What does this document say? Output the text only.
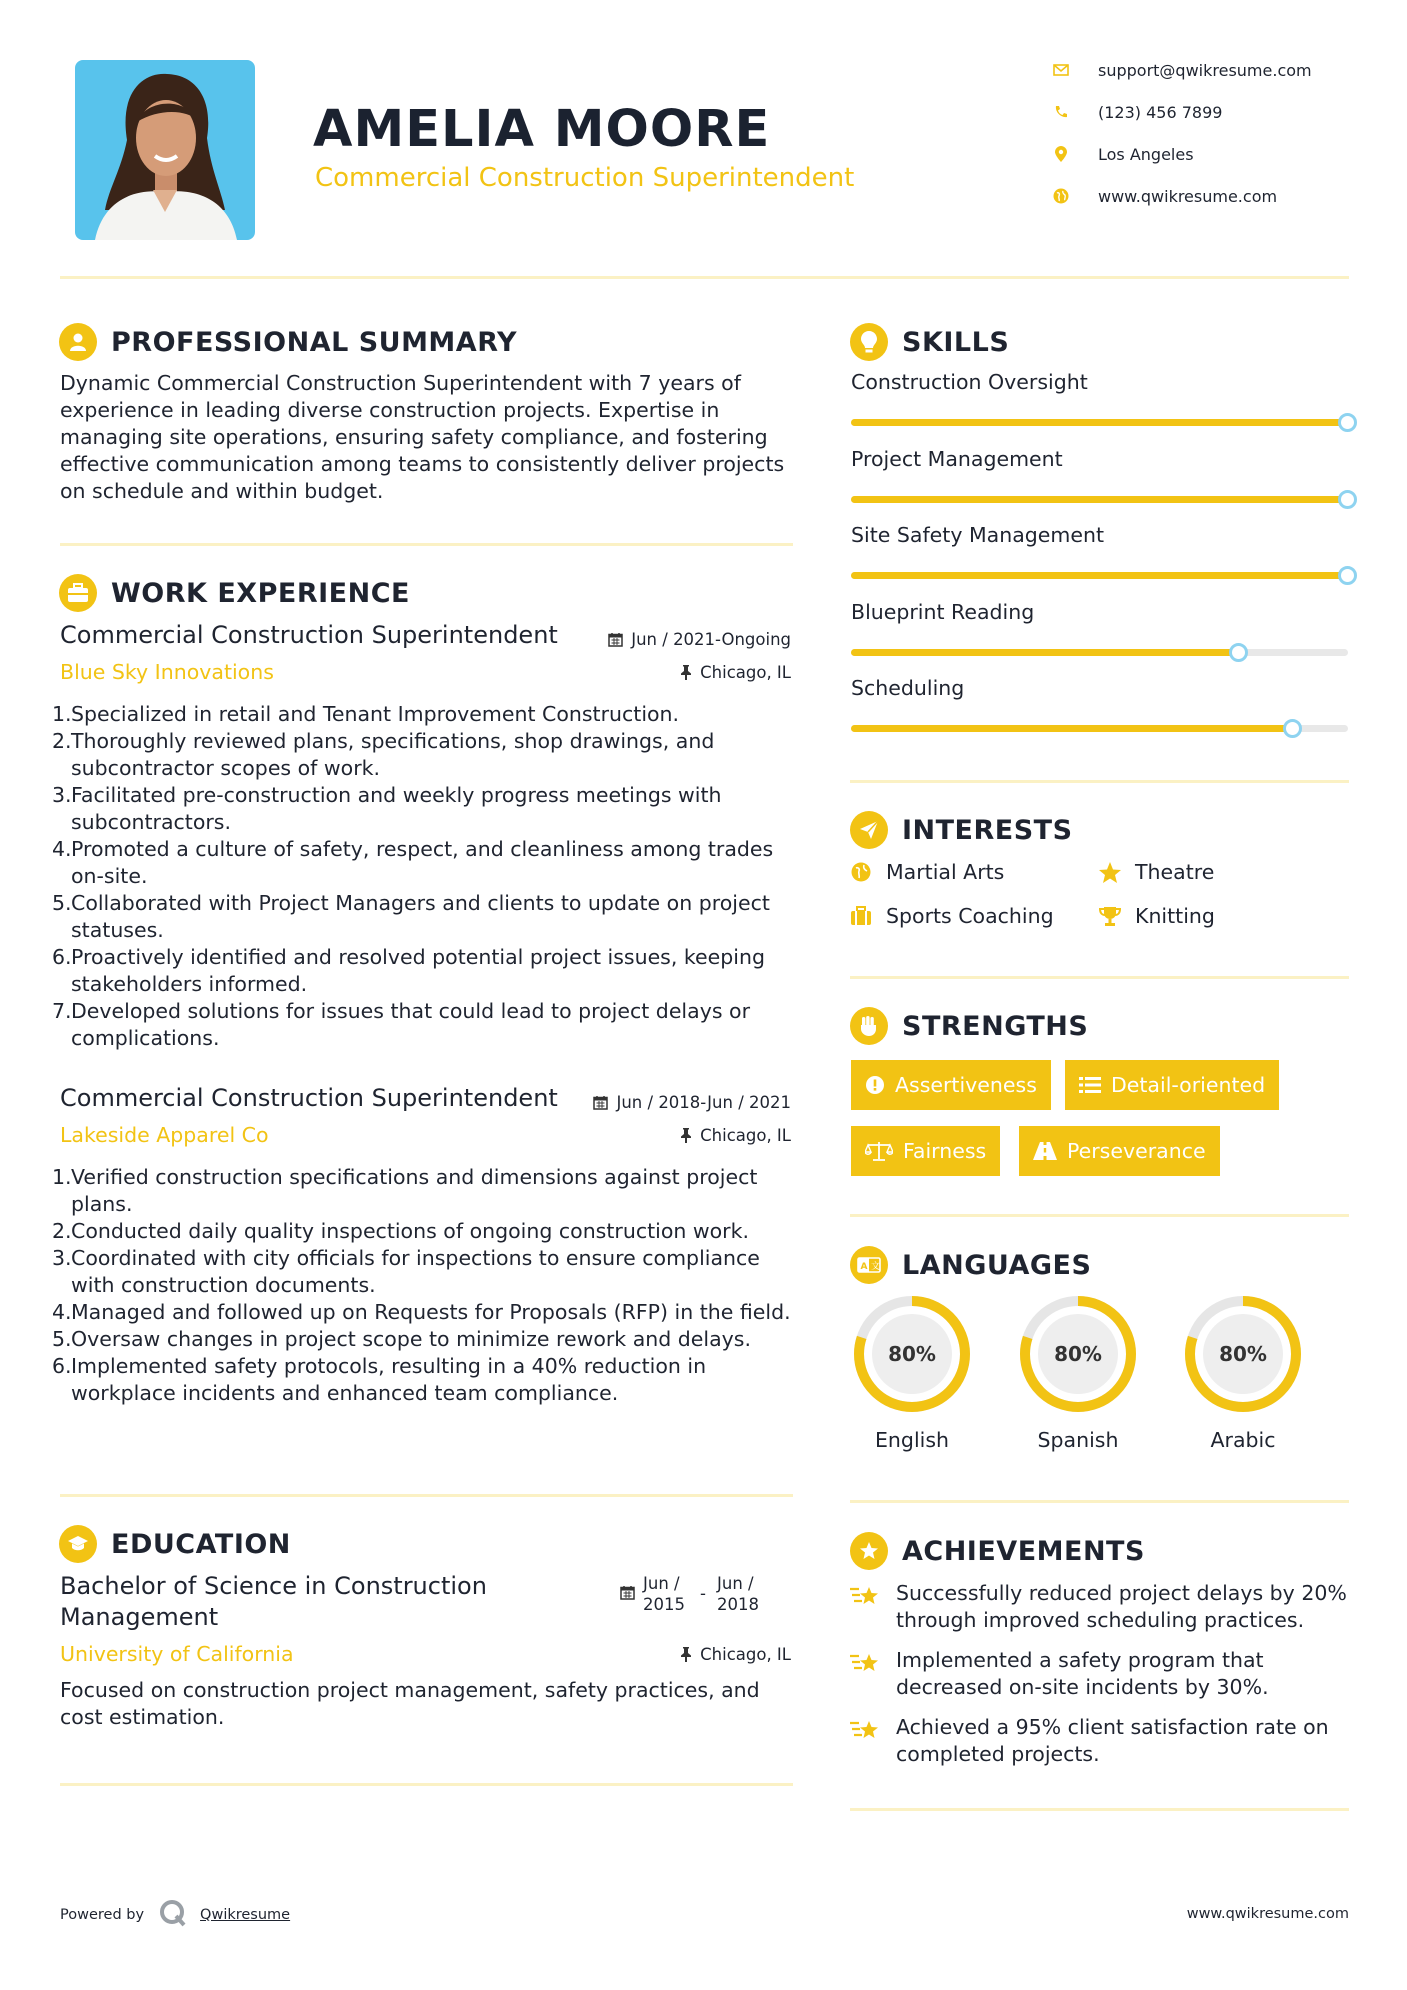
AMELIA MOORE
Commercial Construction Superintendent
support@qwikresume.com
(123) 456 7899
Los Angeles
www.qwikresume.com
PROFESSIONAL SUMMARY
Dynamic Commercial Construction Superintendent with 7 years of experience in leading diverse construction projects. Expertise in managing site operations, ensuring safety compliance, and fostering effective communication among teams to consistently deliver projects on schedule and within budget.
WORK EXPERIENCE
Commercial Construction Superintendent	Jun / 2021-Ongoing
Blue Sky Innovations	Chicago, IL
1. Specialized in retail and Tenant Improvement Construction.
2. Thoroughly reviewed plans, specifications, shop drawings, and subcontractor scopes of work.
3. Facilitated pre-construction and weekly progress meetings with subcontractors.
4. Promoted a culture of safety, respect, and cleanliness among trades on-site.
5. Collaborated with Project Managers and clients to update on project statuses.
6. Proactively identified and resolved potential project issues, keeping stakeholders informed.
7. Developed solutions for issues that could lead to project delays or complications.
Commercial Construction Superintendent	Jun / 2018-Jun / 2021
Lakeside Apparel Co	Chicago, IL
1. Verified construction specifications and dimensions against project plans.
2. Conducted daily quality inspections of ongoing construction work.
3. Coordinated with city officials for inspections to ensure compliance with construction documents.
4. Managed and followed up on Requests for Proposals (RFP) in the field.
5. Oversaw changes in project scope to minimize rework and delays.
6. Implemented safety protocols, resulting in a 40% reduction in workplace incidents and enhanced team compliance.
EDUCATION
Bachelor of Science in Construction Management
Jun / 2015
-
Jun / 2018
University of California	Chicago, IL
Focused on construction project management, safety practices, and cost estimation.
SKILLS
Construction Oversight
Project Management
Site Safety Management
Blueprint Reading
Scheduling
INTERESTS
Martial Arts	Theatre
Sports Coaching	Knitting
STRENGTHS
Assertiveness	Detail-oriented
Fairness	Perseverance
A 文 LANGUAGES
80%
English
80%
Spanish
80%
Arabic
ACHIEVEMENTS
Successfully reduced project delays by 20% through improved scheduling practices.
Implemented a safety program that decreased on-site incidents by 30%.
Achieved a 95% client satisfaction rate on completed projects.
Powered by	Qwikresume	www.qwikresume.com
